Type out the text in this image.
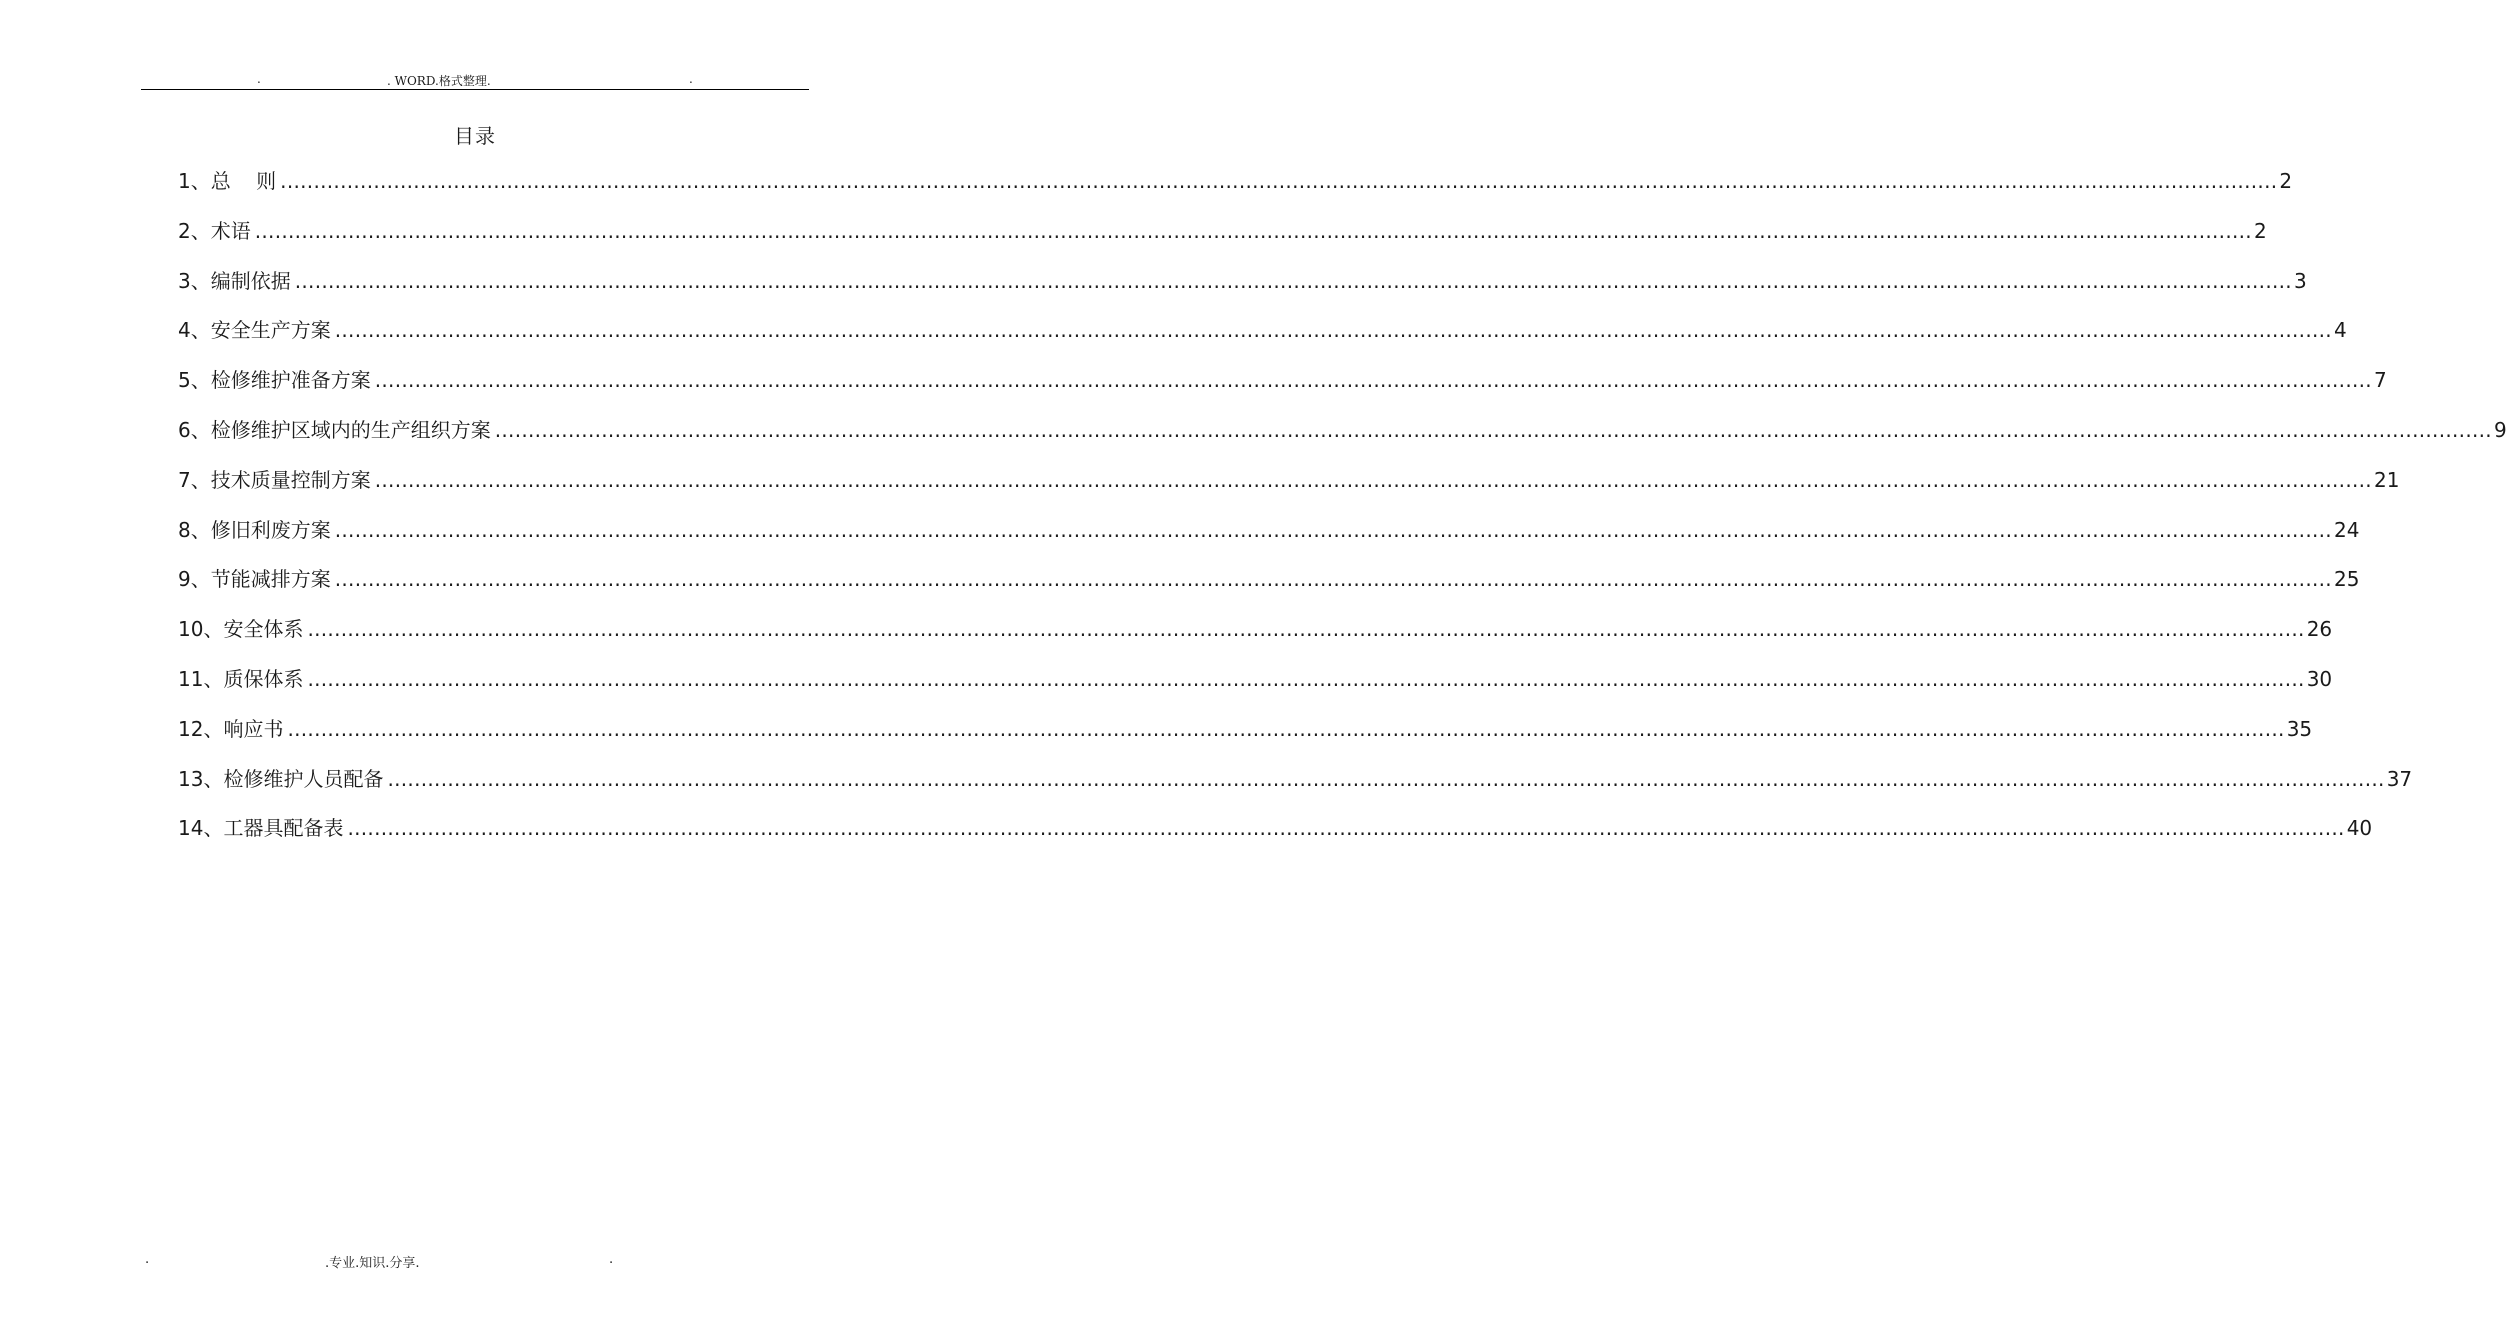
.	. WORD.格式整理.	.
目录
1、总    则 ............................................................................................................................................................................................................................................................................................................ 2
2、术语 ............................................................................................................................................................................................................................................................................................................ 2
3、编制依据 ............................................................................................................................................................................................................................................................................................................ 3
4、安全生产方案 ............................................................................................................................................................................................................................................................................................................ 4
5、检修维护准备方案 ............................................................................................................................................................................................................................................................................................................ 7
6、检修维护区域内的生产组织方案 ............................................................................................................................................................................................................................................................................................................ 9
7、技术质量控制方案 ............................................................................................................................................................................................................................................................................................................ 21
8、修旧利废方案 ............................................................................................................................................................................................................................................................................................................ 24
9、节能减排方案 ............................................................................................................................................................................................................................................................................................................ 25
10、安全体系 ............................................................................................................................................................................................................................................................................................................ 26
11、质保体系 ............................................................................................................................................................................................................................................................................................................ 30
12、响应书 ............................................................................................................................................................................................................................................................................................................ 35
13、检修维护人员配备 ............................................................................................................................................................................................................................................................................................................ 37
14、工器具配备表 ............................................................................................................................................................................................................................................................................................................ 40
.	.专业.知识.分享.	.
